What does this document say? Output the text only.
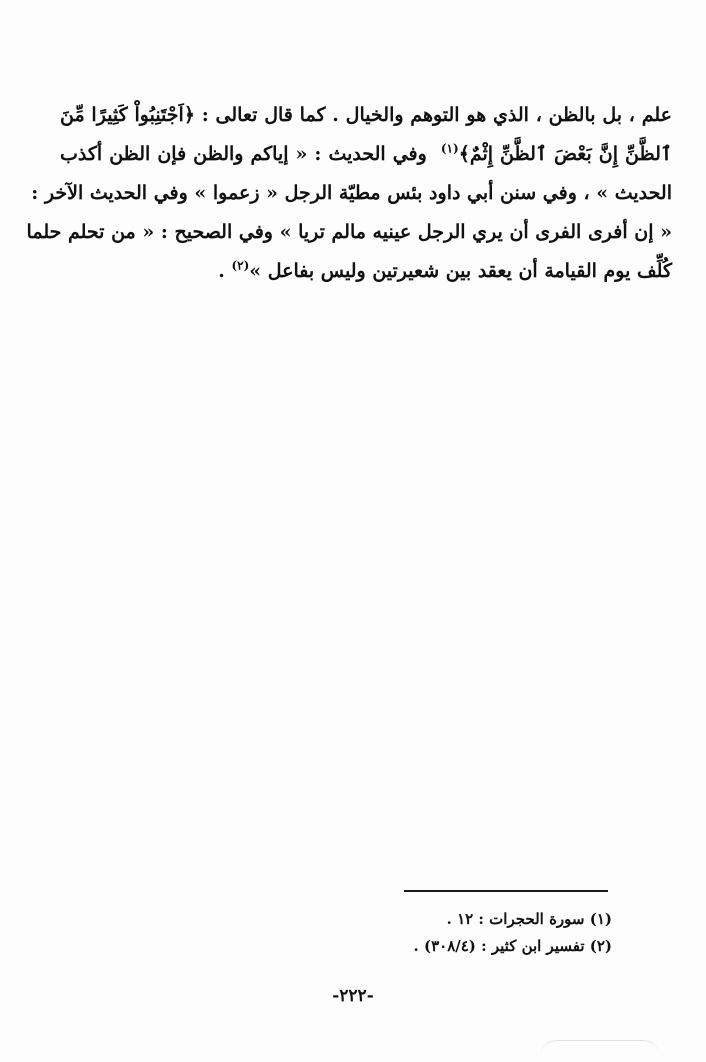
علم ، بل بالظن ، الذي هو التوهم والخيال . كما قال تعالى : ﴿اَجْتَنِبُواْ كَثِيرًا مِّنَ
ٱلظَّنِّ إِنَّ بَعْضَ ٱلظَّنِّ إِثْمٌ﴾$^{(١)}$  وفي الحديث : « إياكم والظن فإن الظن أكذب
الحديث » ، وفي سنن أبي داود بئس مطيّة الرجل « زعموا » وفي الحديث الآخر :
« إن أفرى الفرى أن يري الرجل عينيه مالم تريا » وفي الصحيح : « من تحلم حلما
كُلِّف يوم القيامة أن يعقد بين شعيرتين وليس بفاعل »$^{(٢)}$ .
(١) سورة الحجرات : ١٢ .
(٢) تفسير ابن كثير : (٣٠٨/٤) .
-٢٢٢-
